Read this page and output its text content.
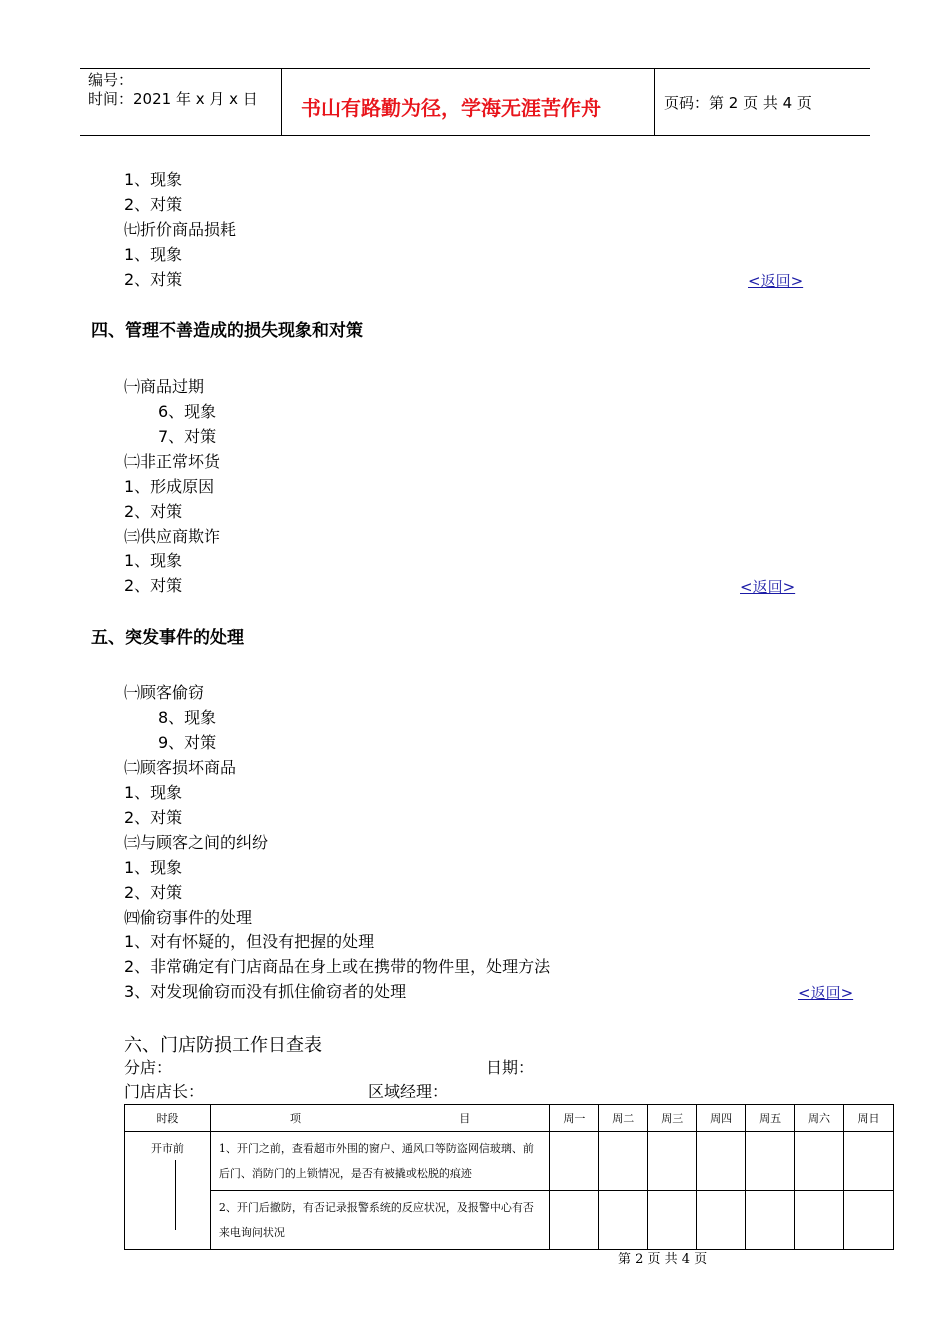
编号：
时间：2021 年 x 月 x 日 书山有路勤为径，学海无涯苦作舟	页码：第 2 页 共 4 页
1、现象
2、对策
㈦折价商品损耗
1、现象
2、对策	<返回>
四、管理不善造成的损失现象和对策
㈠商品过期
6、现象
7、对策
㈡非正常坏货
1、形成原因
2、对策
㈢供应商欺诈
1、现象
2、对策	<返回>
五、突发事件的处理
㈠顾客偷窃
8、现象
9、对策
㈡顾客损坏商品
1、现象
2、对策
㈢与顾客之间的纠纷
1、现象
2、对策
㈣偷窃事件的处理
1、对有怀疑的，但没有把握的处理
2、非常确定有门店商品在身上或在携带的物件里，处理方法
3、对发现偷窃而没有抓住偷窃者的处理	<返回>
六、门店防损工作日查表
分店：	日期：
门店店长：	区域经理：
时段	项	目	周一	周二	周三	周四	周五	周六	周日
开市前	1、开门之前，查看超市外围的窗户、通风口等防盗网信玻璃、前后门、消防门的上锁情况，是否有被撬或松脱的痕迹								
	2、开门后撤防，有否记录报警系统的反应状况，及报警中心有否来电询问状况								
第 2 页 共 4 页
